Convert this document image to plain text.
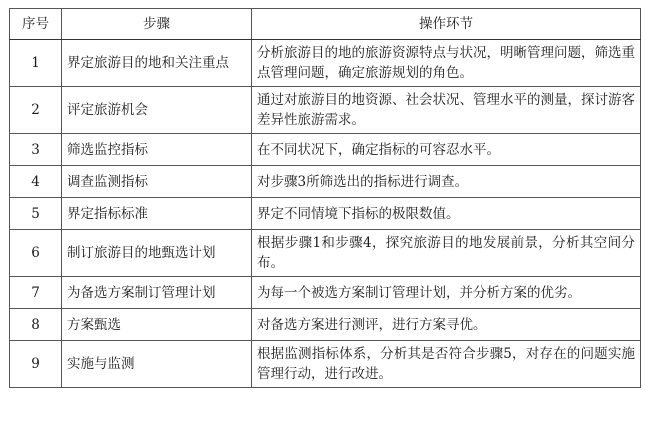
序号	步骤	操作环节
1	界定旅游目的地和关注重点	分析旅游目的地的旅游资源特点与状况，明晰管理问题，筛选重点管理问题，确定旅游规划的角色。
2	评定旅游机会	通过对旅游目的地资源、社会状况、管理水平的测量，探讨游客差异性旅游需求。
3	筛选监控指标	在不同状况下，确定指标的可容忍水平。
4	调查监测指标	对步骤3所筛选出的指标进行调查。
5	界定指标标准	界定不同情境下指标的极限数值。
6	制订旅游目的地甄选计划	根据步骤1和步骤4，探究旅游目的地发展前景，分析其空间分布。
7	为备选方案制订管理计划	为每一个被选方案制订管理计划，并分析方案的优劣。
8	方案甄选	对备选方案进行测评，进行方案寻优。
9	实施与监测	根据监测指标体系，分析其是否符合步骤5，对存在的问题实施管理行动，进行改进。
